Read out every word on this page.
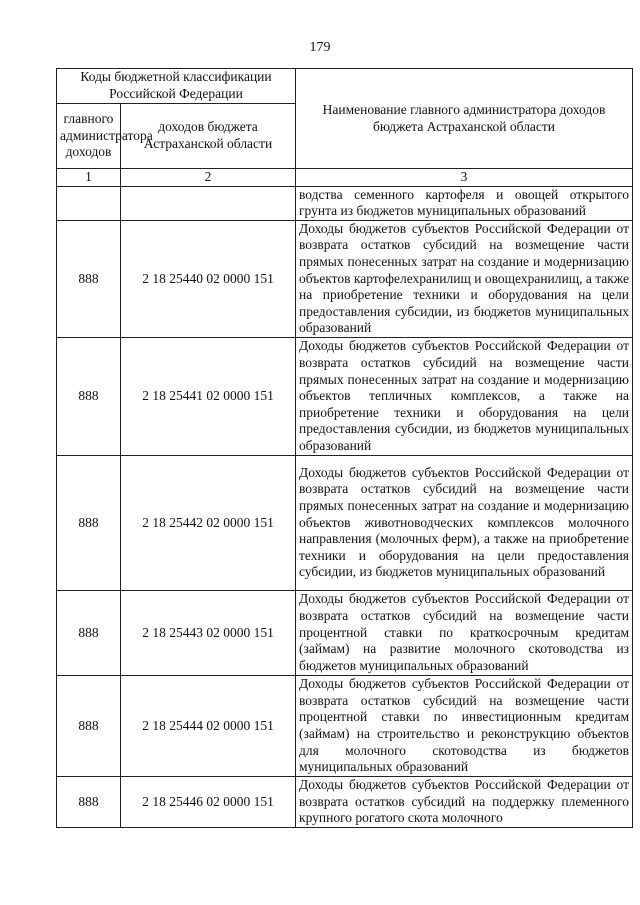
179
Коды бюджетной классификации Российской Федерации		Наименование главного администратора доходов бюджета Астраханской области
главного администратора доходов	доходов бюджета Астраханской области	
1	2	3
		водства семенного картофеля и овощей открытого грунта из бюджетов муниципальных образований
888	2 18 25440 02 0000 151	Доходы бюджетов субъектов Российской Федерации от возврата остатков субсидий на возмещение части прямых понесенных затрат на создание и модернизацию объектов картофелехранилищ и овощехранилищ, а также на приобретение техники и оборудования на цели предоставления субсидии, из бюджетов муниципальных образований
888	2 18 25441 02 0000 151	Доходы бюджетов субъектов Российской Федерации от возврата остатков субсидий на возмещение части прямых понесенных затрат на создание и модернизацию объектов тепличных комплексов, а также на приобретение техники и оборудования на цели предоставления субсидии, из бюджетов муниципальных образований
888	2 18 25442 02 0000 151	Доходы бюджетов субъектов Российской Федерации от возврата остатков субсидий на возмещение части прямых понесенных затрат на создание и модернизацию объектов животноводческих комплексов молочного направления (молочных ферм), а также на приобретение техники и оборудования на цели предоставления субсидии, из бюджетов муниципальных образований
888	2 18 25443 02 0000 151	Доходы бюджетов субъектов Российской Федерации от возврата остатков субсидий на возмещение части процентной ставки по краткосрочным кредитам (займам) на развитие молочного скотоводства из бюджетов муниципальных образований
888	2 18 25444 02 0000 151	Доходы бюджетов субъектов Российской Федерации от возврата остатков субсидий на возмещение части процентной ставки по инвестиционным кредитам (займам) на строительство и реконструкцию объектов для молочного скотоводства из бюджетов муниципальных образований
888	2 18 25446 02 0000 151	Доходы бюджетов субъектов Российской Федерации от возврата остатков субсидий на поддержку племенного крупного рогатого скота молочного
